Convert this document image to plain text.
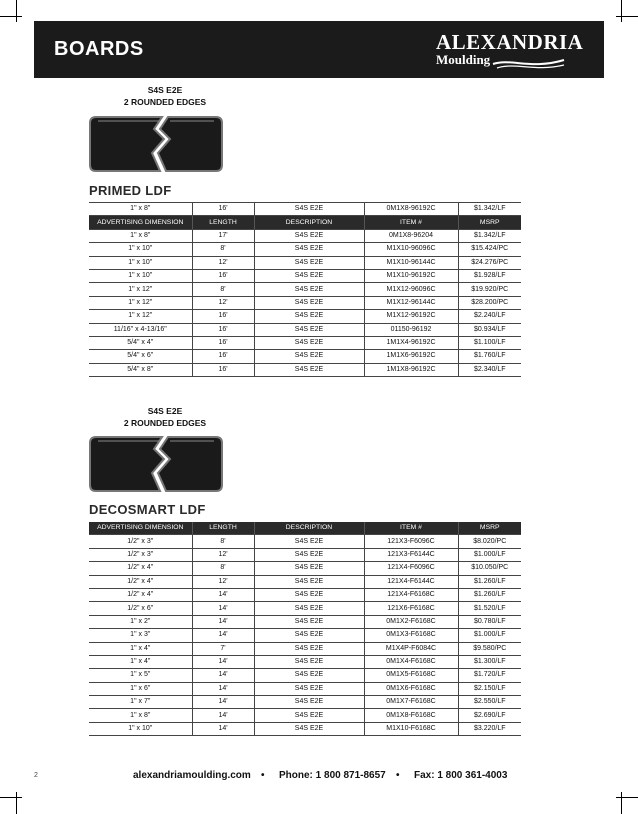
BOARDS	ALEXANDRIA
Moulding
S4S E2E
2 ROUNDED EDGES
PRIMED LDF
1" x 8"	16'	S4S E2E	0M1X8-96192C	$1.342/LF
ADVERTISING DIMENSION	LENGTH	DESCRIPTION	ITEM #	MSRP
1" x 8"	17'	S4S E2E	0M1X8-96204	$1.342/LF
1" x 10"	8'	S4S E2E	M1X10-96096C	$15.424/PC
1" x 10"	12'	S4S E2E	M1X10-96144C	$24.276/PC
1" x 10"	16'	S4S E2E	M1X10-96192C	$1.928/LF
1" x 12"	8'	S4S E2E	M1X12-96096C	$19.920/PC
1" x 12"	12'	S4S E2E	M1X12-96144C	$28.200/PC
1" x 12"	16'	S4S E2E	M1X12-96192C	$2.240/LF
11/16" x 4-13/16"	16'	S4S E2E	01150-96192	$0.934/LF
5/4" x 4"	16'	S4S E2E	1M1X4-96192C	$1.100/LF
5/4" x 6"	16'	S4S E2E	1M1X6-96192C	$1.760/LF
5/4" x 8"	16'	S4S E2E	1M1X8-96192C	$2.340/LF
S4S E2E
2 ROUNDED EDGES
DECOSMART LDF
ADVERTISING DIMENSION	LENGTH	DESCRIPTION	ITEM #	MSRP
1/2" x 3"	8'	S4S E2E	121X3-F6096C	$8.020/PC
1/2" x 3"	12'	S4S E2E	121X3-F6144C	$1.000/LF
1/2" x 4"	8'	S4S E2E	121X4-F6096C	$10.050/PC
1/2" x 4"	12'	S4S E2E	121X4-F6144C	$1.260/LF
1/2" x 4"	14'	S4S E2E	121X4-F6168C	$1.260/LF
1/2" x 6"	14'	S4S E2E	121X6-F6168C	$1.520/LF
1" x 2"	14'	S4S E2E	0M1X2-F6168C	$0.780/LF
1" x 3"	14'	S4S E2E	0M1X3-F6168C	$1.000/LF
1" x 4"	7'	S4S E2E	M1X4P-F6084C	$9.580/PC
1" x 4"	14'	S4S E2E	0M1X4-F6168C	$1.300/LF
1" x 5"	14'	S4S E2E	0M1X5-F6168C	$1.720/LF
1" x 6"	14'	S4S E2E	0M1X6-F6168C	$2.150/LF
1" x 7"	14'	S4S E2E	0M1X7-F6168C	$2.550/LF
1" x 8"	14'	S4S E2E	0M1X8-F6168C	$2.690/LF
1" x 10"	14'	S4S E2E	M1X10-F6168C	$3.220/LF
2	alexandriamoulding.com • Phone: 1 800 871-8657 • Fax: 1 800 361-4003
